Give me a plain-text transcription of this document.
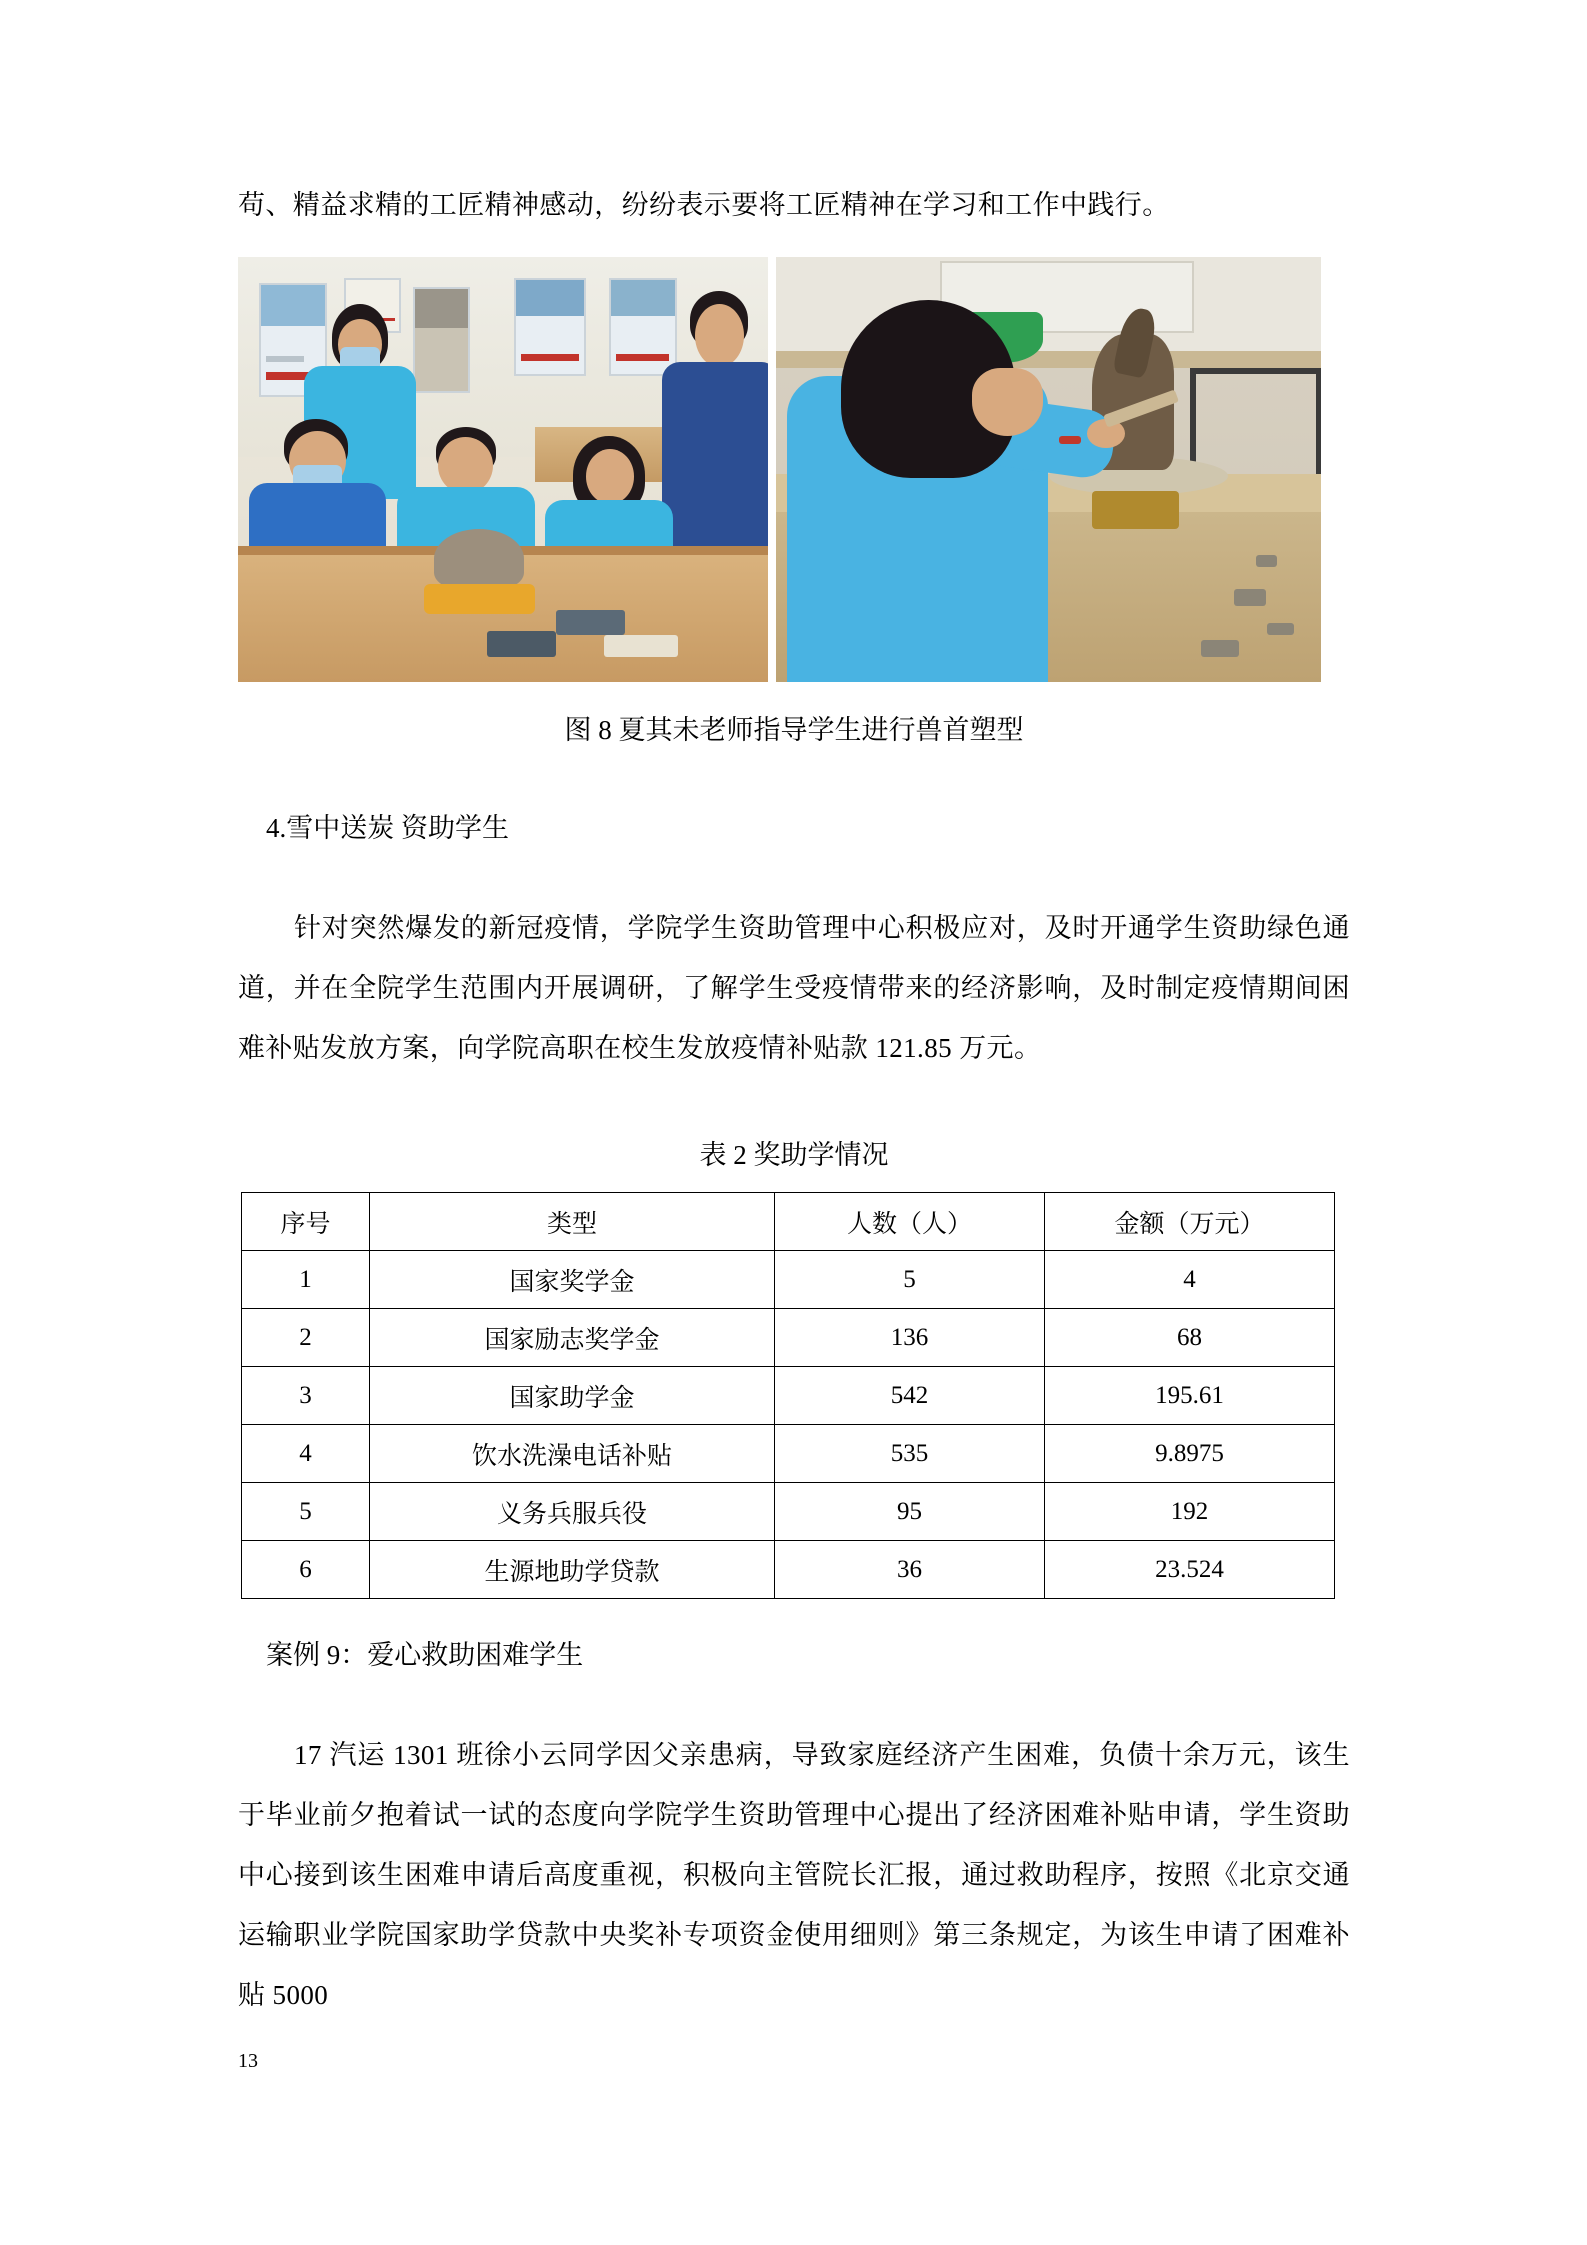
苟、精益求精的工匠精神感动，纷纷表示要将工匠精神在学习和工作中践行。

图 8 夏其未老师指导学生进行兽首塑型
4.雪中送炭 资助学生

针对突然爆发的新冠疫情，学院学生资助管理中心积极应对，及时开通学生资助绿色通道，并在全院学生范围内开展调研，了解学生受疫情带来的经济影响，及时制定疫情期间困难补贴发放方案，向学院高职在校生发放疫情补贴款 121.85 万元。

表 2 奖助学情况
序号	类型	人数（人）	金额（万元）
1	国家奖学金	5	4
2	国家励志奖学金	136	68
3	国家助学金	542	195.61
4	饮水洗澡电话补贴	535	9.8975
5	义务兵服兵役	95	192
6	生源地助学贷款	36	23.524
案例 9：爱心救助困难学生

17 汽运 1301 班徐小云同学因父亲患病，导致家庭经济产生困难，负债十余万元，该生于毕业前夕抱着试一试的态度向学院学生资助管理中心提出了经济困难补贴申请，学生资助中心接到该生困难申请后高度重视，积极向主管院长汇报，通过救助程序，按照《北京交通运输职业学院国家助学贷款中央奖补专项资金使用细则》第三条规定，为该生申请了困难补贴 5000

13
